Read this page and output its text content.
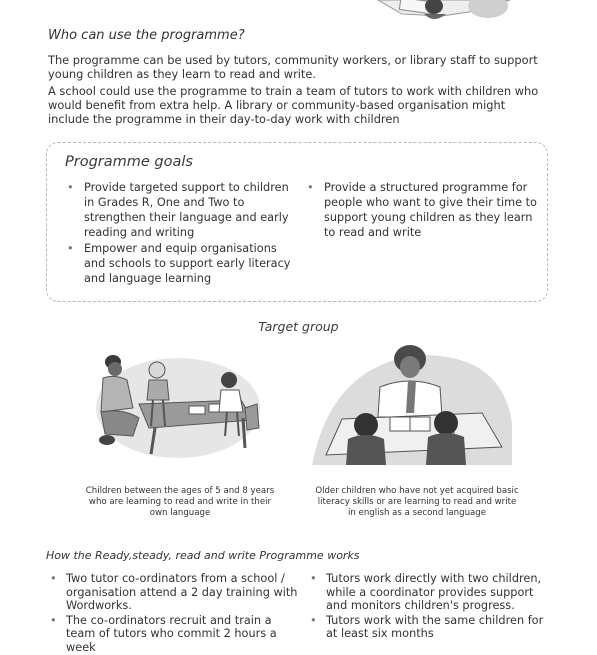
Who can use the programme?

The programme can be used by tutors, community workers, or library staff to support young children as they learn to read and write.

A school could use the programme to train a team of tutors to work with children who would benefit from extra help. A library or community-based organisation might include the programme in their day-to-day work with children

Programme goals
• Provide targeted support to children in Grades R, One and Two to strengthen their language and early reading and writing
• Empower and equip organisations and schools to support early literacy and language learning
• Provide a structured programme for people who want to give their time to support young children as they learn to read and write
Target group
Children between the ages of 5 and 8 years who are learning to read and write in their own language
Older children who have not yet acquired basic literacy skills or are learning to read and write in english as a second language
How the Ready,steady, read and write Programme works
• Two tutor co-ordinators from a school / organisation attend a 2 day training with Wordworks.
• The co-ordinators recruit and train a team of tutors who commit 2 hours a week
• Tutors work directly with two children, while a coordinator provides support and monitors children's progress.
• Tutors work with the same children for at least six months
